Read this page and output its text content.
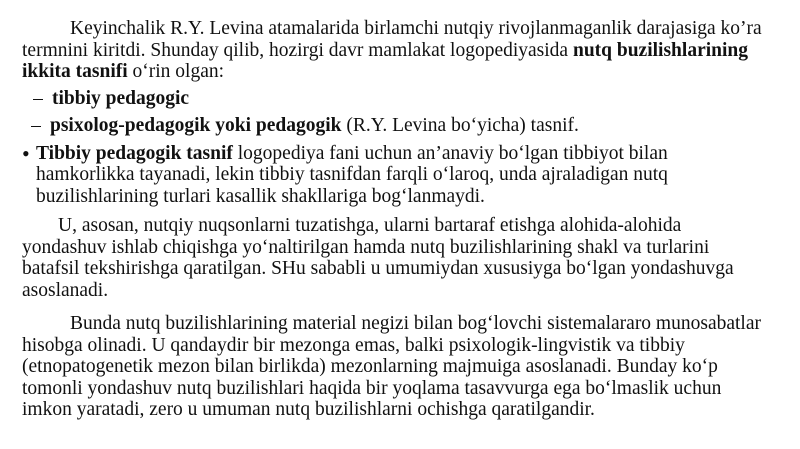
Keyinchalik R.Y. Levina atamalarida birlamchi nutqiy rivojlanmaganlik darajasiga ko’ra termnini kiritdi. Shunday qilib, hozirgi davr mamlakat logopediyasida nutq buzilishlarining ikkita tasnifi o‘rin olgan:

– tibbiy pedagogic
– psixolog-pedagogik yoki pedagogik (R.Y. Levina bo‘yicha) tasnif.
• Tibbiy pedagogik tasnif logopediya fani uchun an’anaviy bo‘lgan tibbiyot bilan hamkorlikka tayanadi, lekin tibbiy tasnifdan farqli o‘laroq, unda ajraladigan nutq buzilishlarining turlari kasallik shakllariga bog‘lanmaydi.

U, asosan, nutqiy nuqsonlarni tuzatishga, ularni bartaraf etishga alohida-alohida yondashuv ishlab chiqishga yo‘naltirilgan hamda nutq buzilishlarining shakl va turlarini batafsil tekshirishga qaratilgan. SHu sababli u umumiydan xususiyga bo‘lgan yondashuvga asoslanadi.

Bunda nutq buzilishlarining material negizi bilan bog‘lovchi sistemalararo munosabatlar hisobga olinadi. U qandaydir bir mezonga emas, balki psixologik-lingvistik va tibbiy (etnopatogenetik mezon bilan birlikda) mezonlarning majmuiga asoslanadi. Bunday ko‘p tomonli yondashuv nutq buzilishlari haqida bir yoqlama tasavvurga ega bo‘lmaslik uchun imkon yaratadi, zero u umuman nutq buzilishlarni ochishga qaratilgandir.
